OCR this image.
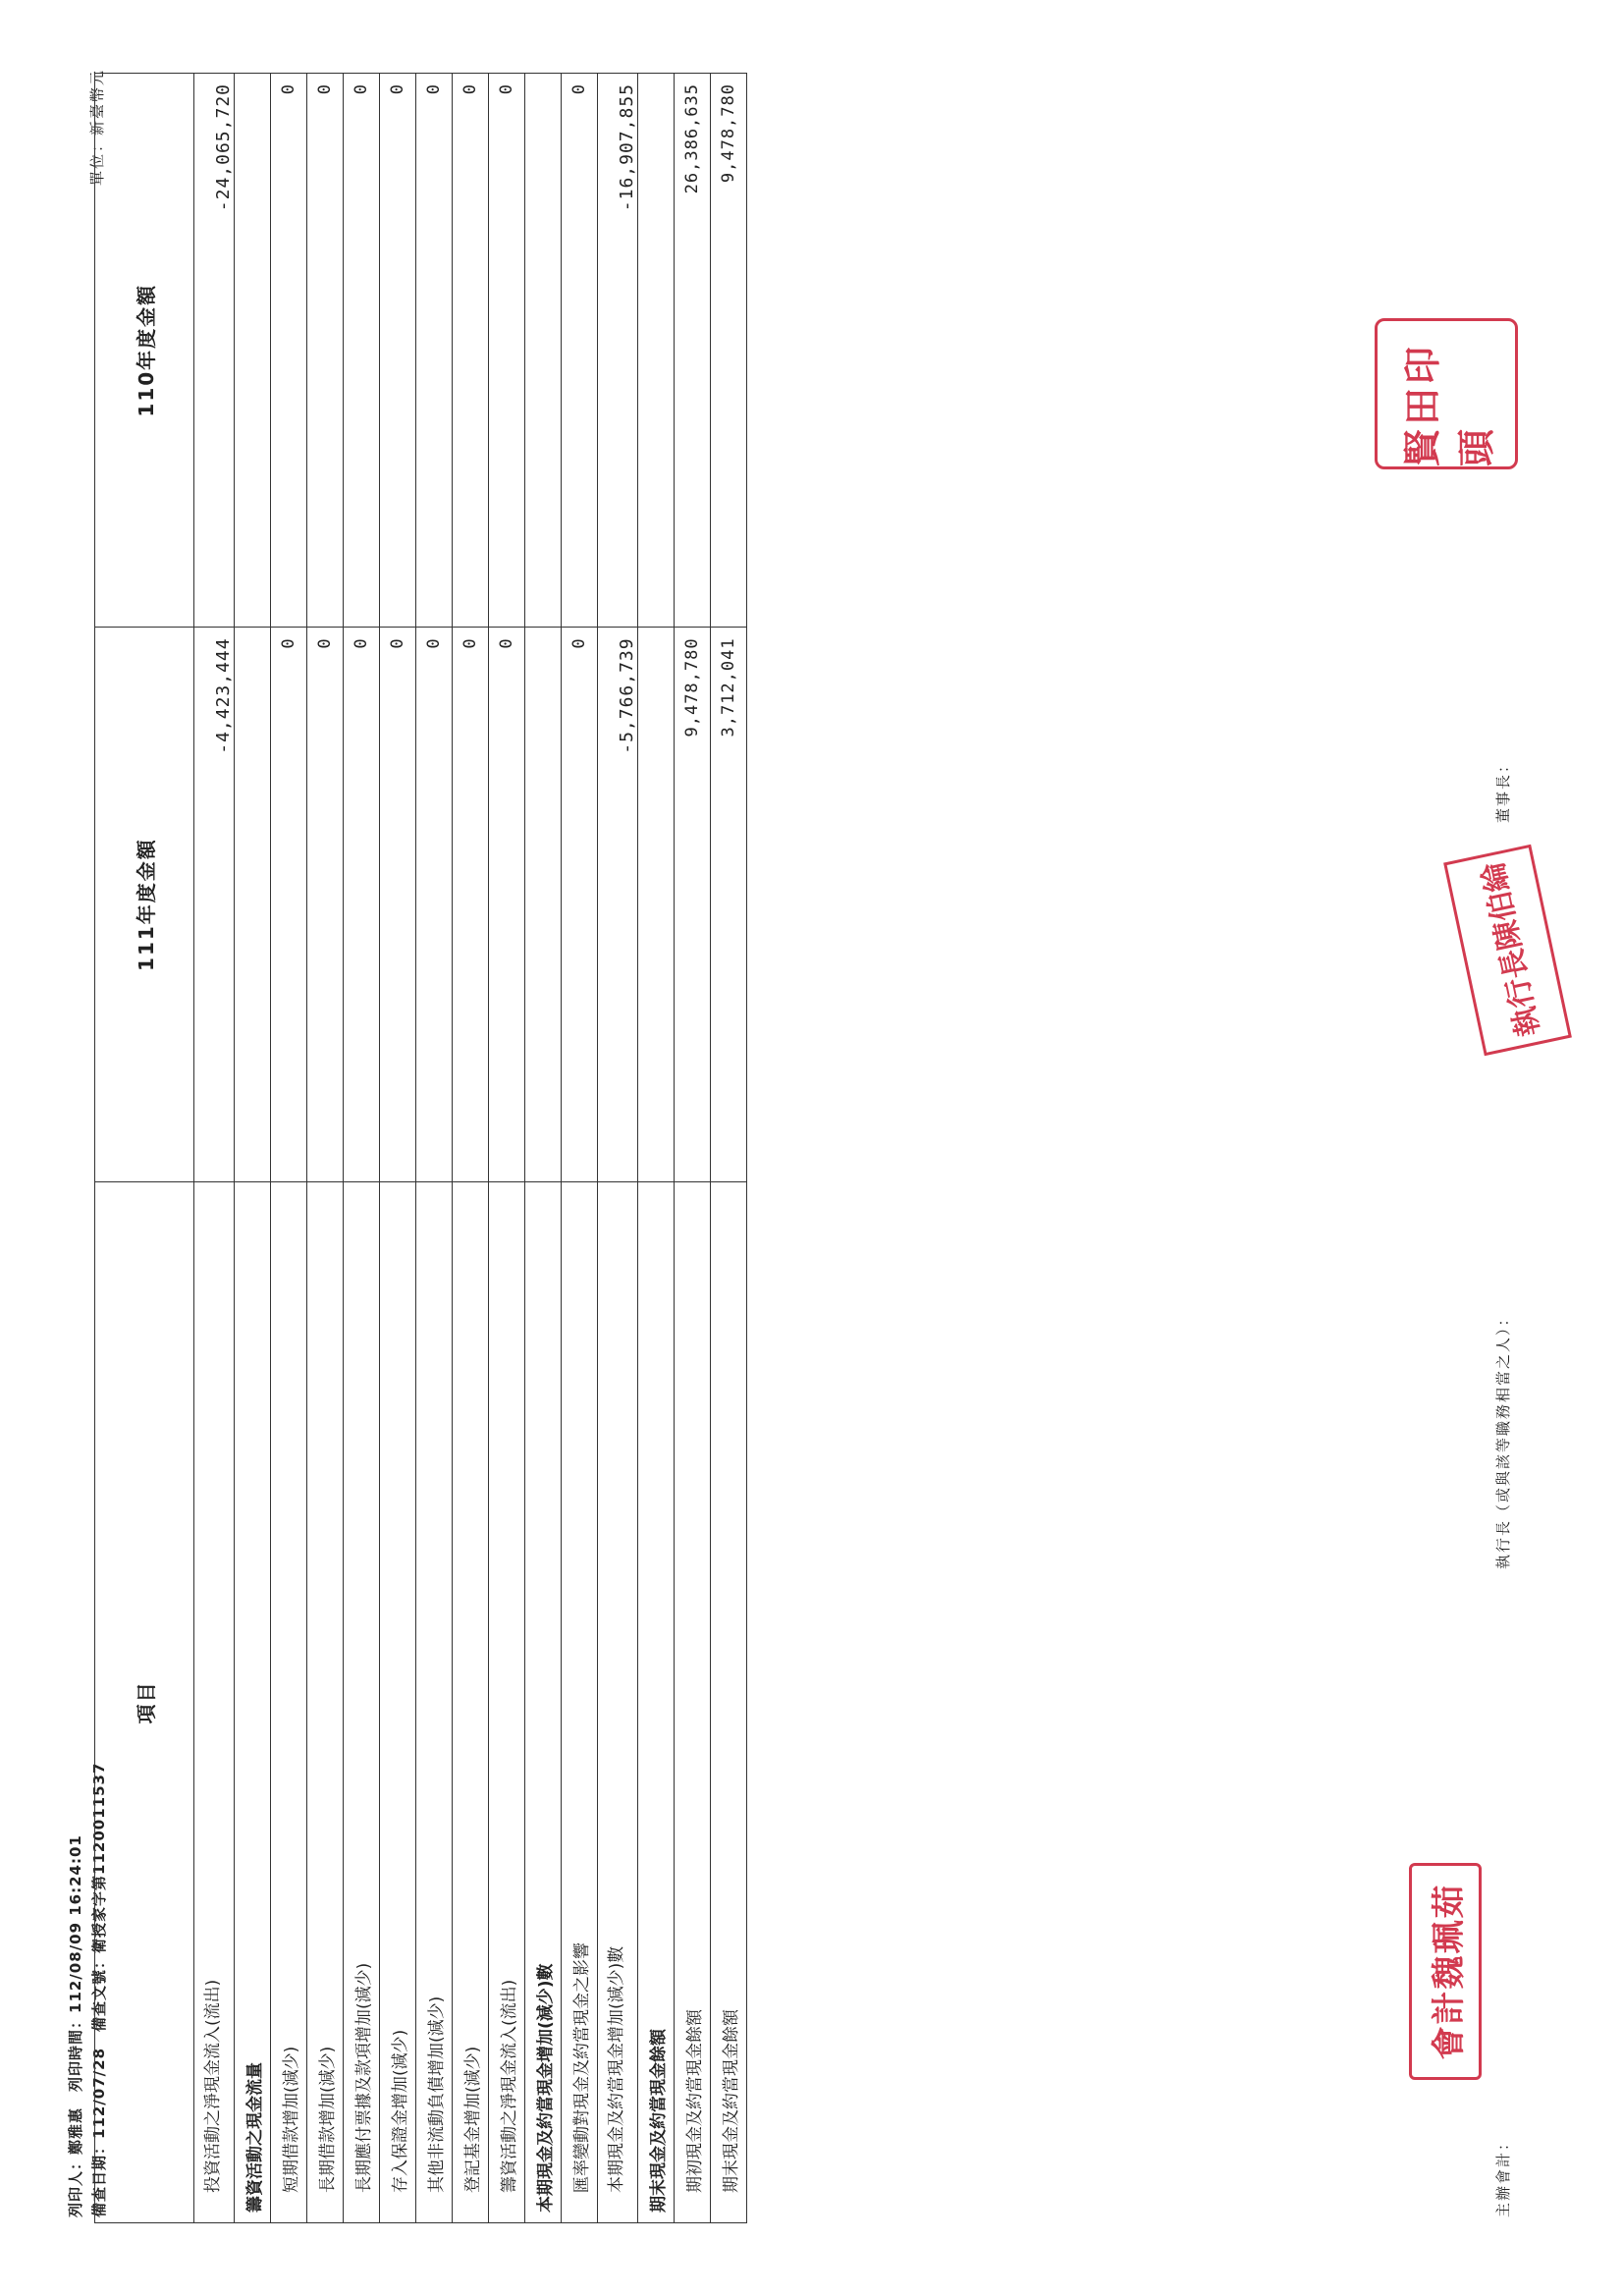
列印人：鄭雅惠　列印時間：112/08/09 16:24:01 備查日期：112/07/28　備查文號：衛授家字第1120011537
單位：新臺幣元
項目	111年度金額	110年度金額
投資活動之淨現金流入(流出)	-4,423,444	-24,065,720
籌資活動之現金流量		
短期借款增加(減少)	0	0
長期借款增加(減少)	0	0
長期應付票據及款項增加(減少)	0	0
存入保證金增加(減少)	0	0
其他非流動負債增加(減少)	0	0
登記基金增加(減少)	0	0
籌資活動之淨現金流入(流出)	0	0
本期現金及約當現金增加(減少)數		
匯率變動對現金及約當現金之影響	0	0
本期現金及約當現金增加(減少)數	-5,766,739	-16,907,855
期末現金及約當現金餘額		
期初現金及約當現金餘額	9,478,780	26,386,635
期末現金及約當現金餘額	3,712,041	9,478,780
主辦會計：
會計魏珮茹
執行長（或與該等職務相當之人）：
執行長陳伯綸
董事長：
賢田印頭
